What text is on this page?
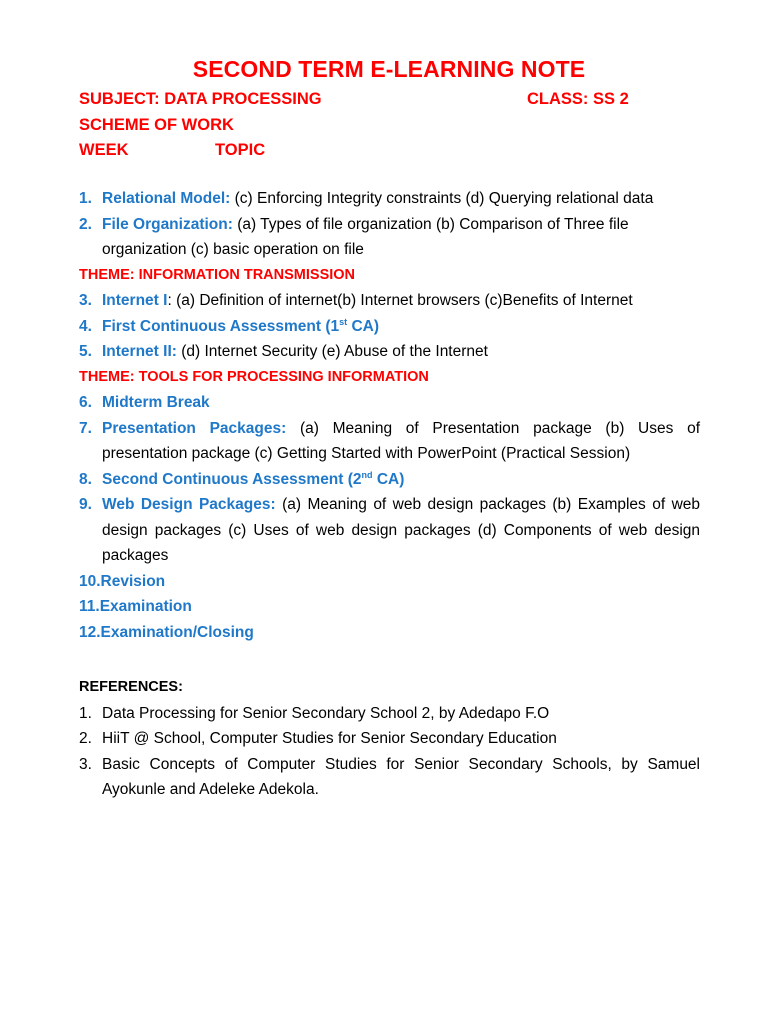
SECOND TERM E-LEARNING NOTE
SUBJECT: DATA PROCESSING	CLASS: SS 2
SCHEME OF WORK
WEEK	TOPIC
1. Relational Model: (c) Enforcing Integrity constraints (d) Querying relational data
2. File Organization: (a) Types of file organization (b) Comparison of Three file organization (c) basic operation on file
THEME: INFORMATION TRANSMISSION
3. Internet I: (a) Definition of internet(b) Internet browsers (c)Benefits of Internet
4. First Continuous Assessment (1st CA)
5. Internet II: (d) Internet Security (e) Abuse of the Internet
THEME: TOOLS FOR PROCESSING INFORMATION
6. Midterm Break
7. Presentation Packages: (a) Meaning of Presentation package (b) Uses of presentation package (c) Getting Started with PowerPoint (Practical Session)
8. Second Continuous Assessment (2nd CA)
9. Web Design Packages: (a) Meaning of web design packages (b) Examples of web design packages (c) Uses of web design packages (d) Components of web design packages
10.Revision
11.Examination
12.Examination/Closing
REFERENCES:
1. Data Processing for Senior Secondary School 2, by Adedapo F.O
2. HiiT @ School, Computer Studies for Senior Secondary Education
3. Basic Concepts of Computer Studies for Senior Secondary Schools, by Samuel Ayokunle and Adeleke Adekola.
